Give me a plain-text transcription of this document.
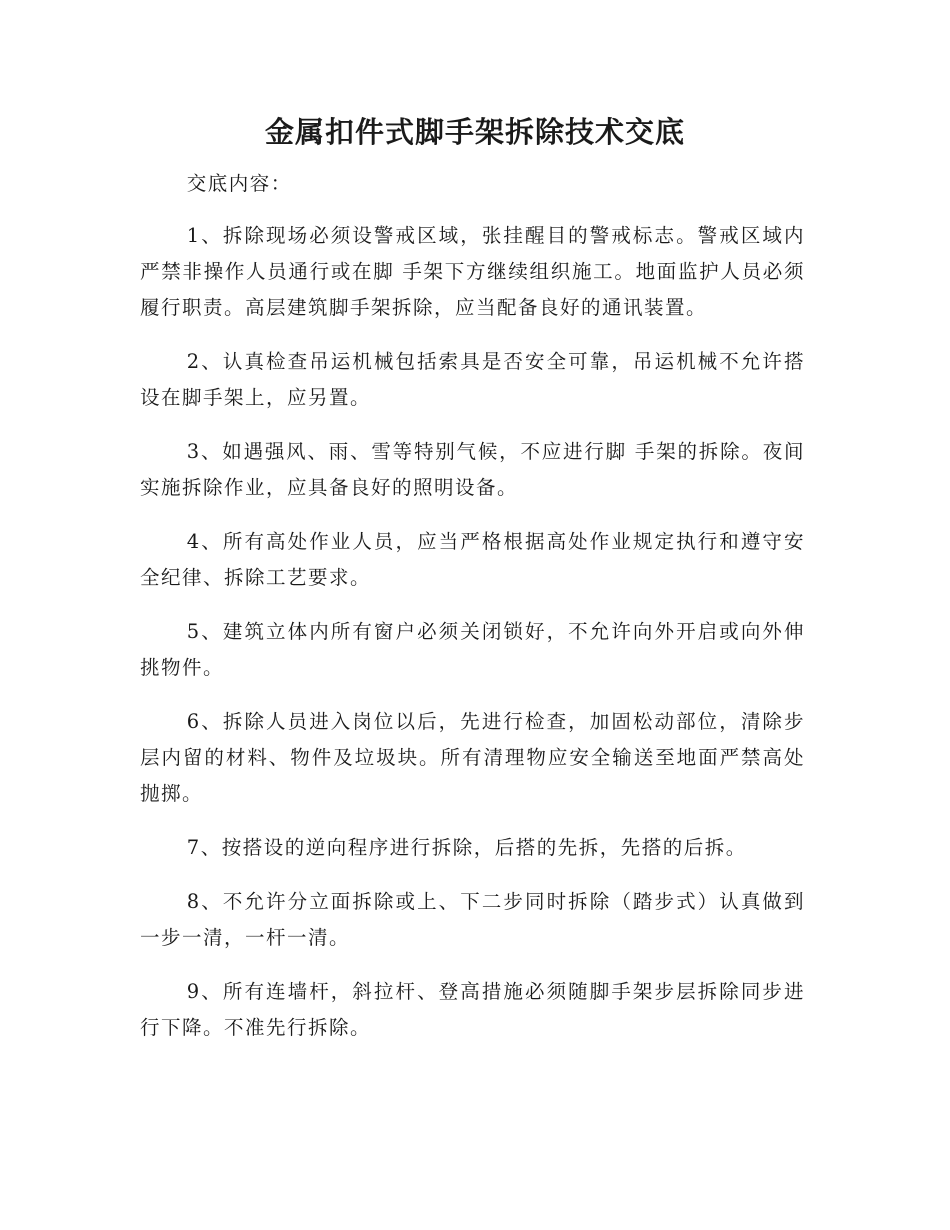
金属扣件式脚手架拆除技术交底

交底内容：

1、拆除现场必须设警戒区域，张挂醒目的警戒标志。警戒区域内严禁非操作人员通行或在脚 手架下方继续组织施工。地面监护人员必须履行职责。高层建筑脚手架拆除，应当配备良好的通讯装置。

2、认真检查吊运机械包括索具是否安全可靠，吊运机械不允许搭设在脚手架上，应另置。

3、如遇强风、雨、雪等特别气候，不应进行脚 手架的拆除。夜间实施拆除作业，应具备良好的照明设备。

4、所有高处作业人员，应当严格根据高处作业规定执行和遵守安全纪律、拆除工艺要求。

5、建筑立体内所有窗户必须关闭锁好，不允许向外开启或向外伸挑物件。

6、拆除人员进入岗位以后，先进行检查，加固松动部位，清除步层内留的材料、物件及垃圾块。所有清理物应安全输送至地面严禁高处抛掷。

7、按搭设的逆向程序进行拆除，后搭的先拆，先搭的后拆。

8、不允许分立面拆除或上、下二步同时拆除（踏步式）认真做到一步一清，一杆一清。

9、所有连墙杆，斜拉杆、登高措施必须随脚手架步层拆除同步进行下降。不准先行拆除。
